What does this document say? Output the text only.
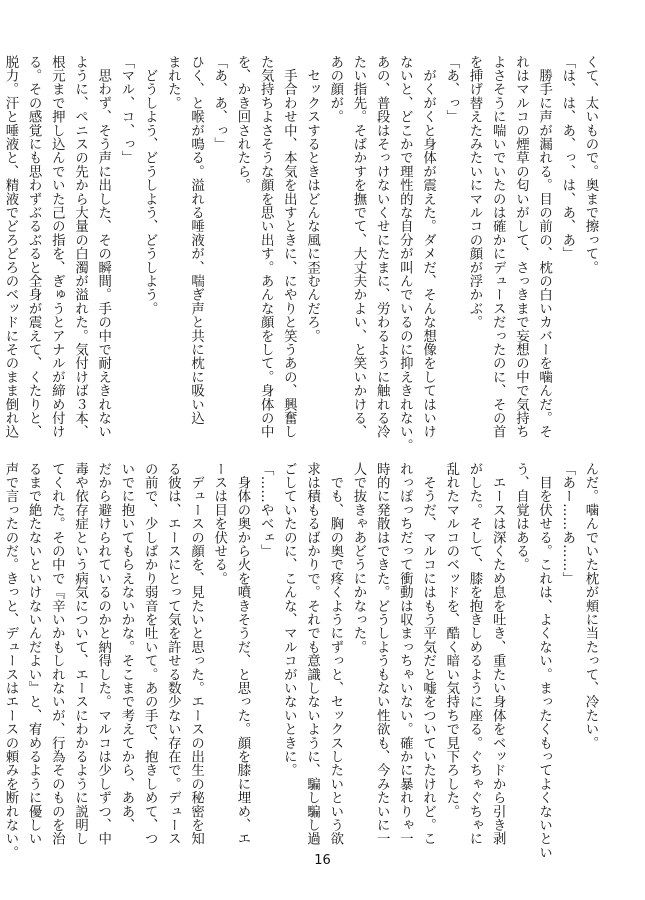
くて、太いもので。奥まで擦って。
「は、は、あ、っ、は、あ、あ」
　勝手に声が漏れる。目の前の、枕の白いカバーを噛んだ。そ
れはマルコの煙草の匂いがして、さっきまで妄想の中で気持ち
よさそうに喘いでいたのは確かにデュースだったのに、その首
を挿げ替えたみたいにマルコの顔が浮かぶ。
「あ、っ」
　がくがくと身体が震えた。ダメだ、そんな想像をしてはいけ
ないと、どこかで理性的な自分が叫んでいるのに抑えきれない。
あの、普段はそっけないくせにたまに、労わるように触れる冷
たい指先。そばかすを撫でて、大丈夫かよい、と笑いかける、
あの顔が。
　セックスするときはどんな風に歪むんだろ。
　手合わせ中、本気を出すときに、にやりと笑うあの、興奮し
た気持ちよさそうな顔を思い出す。あんな顔をして。身体の中
を、かき回されたら。
「あ、あ、っ」
ひく、と喉が鳴る。溢れる唾液が、喘ぎ声と共に枕に吸い込
まれた。
　どうしよう、どうしよう、どうしよう。
「マル、コ、っ」
　思わず、そう声に出した、その瞬間。手の中で耐えきれない
ように、ペニスの先から大量の白濁が溢れた。気付けば３本、
根元まで押し込んでいた己の指を、ぎゅうとアナルが締め付け
る。その感覚にも思わずぶるぶると全身が震えて、くたりと、
脱力。汗と唾液と、精液でどろどろのベッドにそのまま倒れ込
んだ。噛んでいた枕が頬に当たって、冷たい。
「あー……あ……」
　目を伏せる。これは、よくない。まったくもってよくないとい
う、自覚はある。
　エースは深くため息を吐き、重たい身体をベッドから引き剥
がした。そして、膝を抱きしめるように座る。ぐちゃぐちゃに
乱れたマルコのベッドを、酷く暗い気持ちで見下ろした。
　そうだ、マルコにはもう平気だと嘘をついていたけれど。こ
れっぽっちだって衝動は収まっちゃいない。確かに暴れりゃ一
時的に発散はできた。どうしようもない性欲も、今みたいに一
人で抜きゃあどうにかなった。
　でも、胸の奥で疼くようにずっと、セックスしたいという欲
求は積もるばかりで。それでも意識しないように、騙し騙し過
ごしていたのに、こんな、マルコがいないときに。
「……やべェ」
　身体の奥から火を噴きそうだ、と思った。顔を膝に埋め、エ
ースは目を伏せる。
　デュースの顔を、見たいと思った。エースの出生の秘密を知
る彼は、エースにとって気を許せる数少ない存在で。デュース
の前で、少しばかり弱音を吐いて。あの手で、抱きしめて、つ
いでに抱いてもらえないかな。そこまで考えてから、ああ、
だから避けられているのかと納得した。マルコは少しずつ、中
毒や依存症という病気について、エースにわかるように説明し
てくれた。その中で『辛いかもしれないが、行為そのものを治
るまで絶たないといけないんだよい』と、宥めるように優しい
声で言ったのだ。きっと、デュースはエースの頼みを断れない。
16
